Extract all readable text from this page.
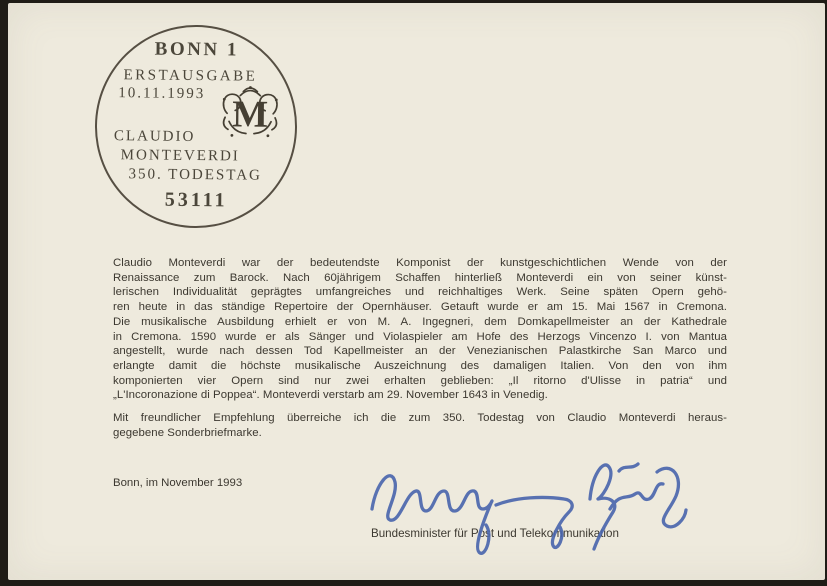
BONN 1
ERSTAUSGABE
10.11.1993 M
CLAUDIO
MONTEVERDI
350. TODESTAG
53111
Claudio Monteverdi war der bedeutendste Komponist der kunstgeschichtlichen Wende von der
Renaissance zum Barock. Nach 60jährigem Schaffen hinterließ Monteverdi ein von seiner künst-
lerischen Individualität geprägtes umfangreiches und reichhaltiges Werk. Seine späten Opern gehö-
ren heute in das ständige Repertoire der Opernhäuser. Getauft wurde er am 15. Mai 1567 in Cremona.
Die musikalische Ausbildung erhielt er von M. A. Ingegneri, dem Domkapellmeister an der Kathedrale
in Cremona. 1590 wurde er als Sänger und Violaspieler am Hofe des Herzogs Vincenzo I. von Mantua
angestellt, wurde nach dessen Tod Kapellmeister an der Venezianischen Palastkirche San Marco und
erlangte damit die höchste musikalische Auszeichnung des damaligen Italien. Von den von ihm
komponierten vier Opern sind nur zwei erhalten geblieben: „Il ritorno d'Ulisse in patria“ und
„L'Incoronazione di Poppea“. Monteverdi verstarb am 29. November 1643 in Venedig.
Mit freundlicher Empfehlung überreiche ich die zum 350. Todestag von Claudio Monteverdi heraus-
gegebene Sonderbriefmarke.
Bonn, im November 1993
Bundesminister für Post und Telekommunikation
